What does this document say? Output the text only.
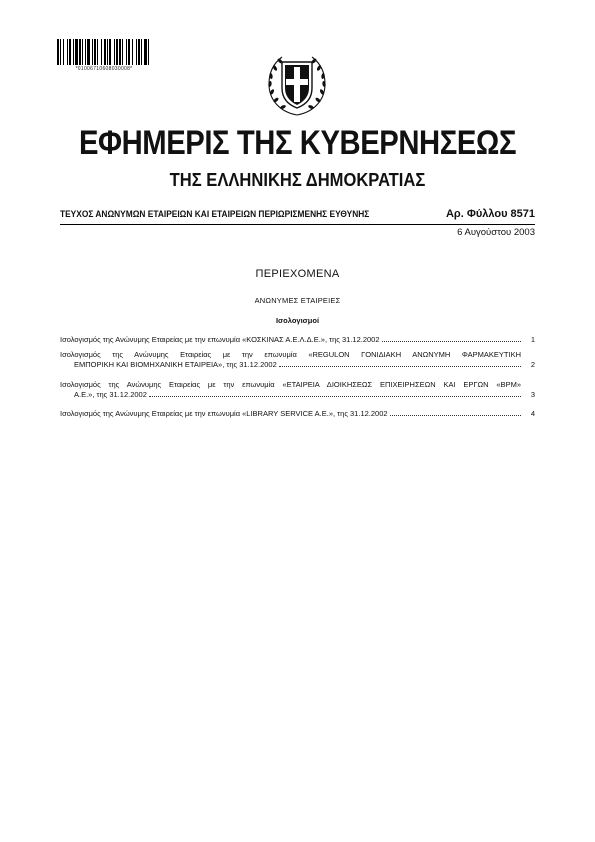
*01006710608030008*
ΕΦΗΜΕΡΙΣ ΤΗΣ ΚΥΒΕΡΝΗΣΕΩΣ
ΤΗΣ ΕΛΛΗΝΙΚΗΣ ΔΗΜΟΚΡΑΤΙΑΣ
ΤΕΥΧΟΣ ΑΝΩΝΥΜΩΝ ΕΤΑΙΡΕΙΩΝ ΚΑΙ ΕΤΑΙΡΕΙΩΝ ΠΕΡΙΩΡΙΣΜΕΝΗΣ ΕΥΘΥΝΗΣ	Αρ. Φύλλου 8571
6 Αυγούστου 2003
ΠΕΡΙΕΧΟΜΕΝΑ
ΑΝΩΝΥΜΕΣ ΕΤΑΙΡΕΙΕΣ
Ισολογισμοί
Ισολογισμός της Ανώνυμης Εταιρείας με την επωνυμία «ΚΟΣΚΙΝΑΣ Α.Ε.Λ.Δ.Ε.», της 31.12.2002	1
Ισολογισμός της Ανώνυμης Εταιρείας με την επωνυμία «REGULON ΓΟΝΙΔΙΑΚΗ ΑΝΩΝΥΜΗ ΦΑΡΜΑΚΕΥΤΙΚΗ
ΕΜΠΟΡΙΚΗ ΚΑΙ ΒΙΟΜΗΧΑΝΙΚΗ ΕΤΑΙΡΕΙΑ», της 31.12.2002	2
Ισολογισμός της Ανώνυμης Εταιρείας με την επωνυμία «ΕΤΑΙΡΕΙΑ ΔΙΟΙΚΗΣΕΩΣ ΕΠΙΧΕΙΡΗΣΕΩΝ ΚΑΙ ΕΡΓΩΝ «ΒΡΜ»
Α.Ε.», της 31.12.2002	3
Ισολογισμός της Ανώνυμης Εταιρείας με την επωνυμία «LIBRARY SERVICE A.E.», της 31.12.2002	4
